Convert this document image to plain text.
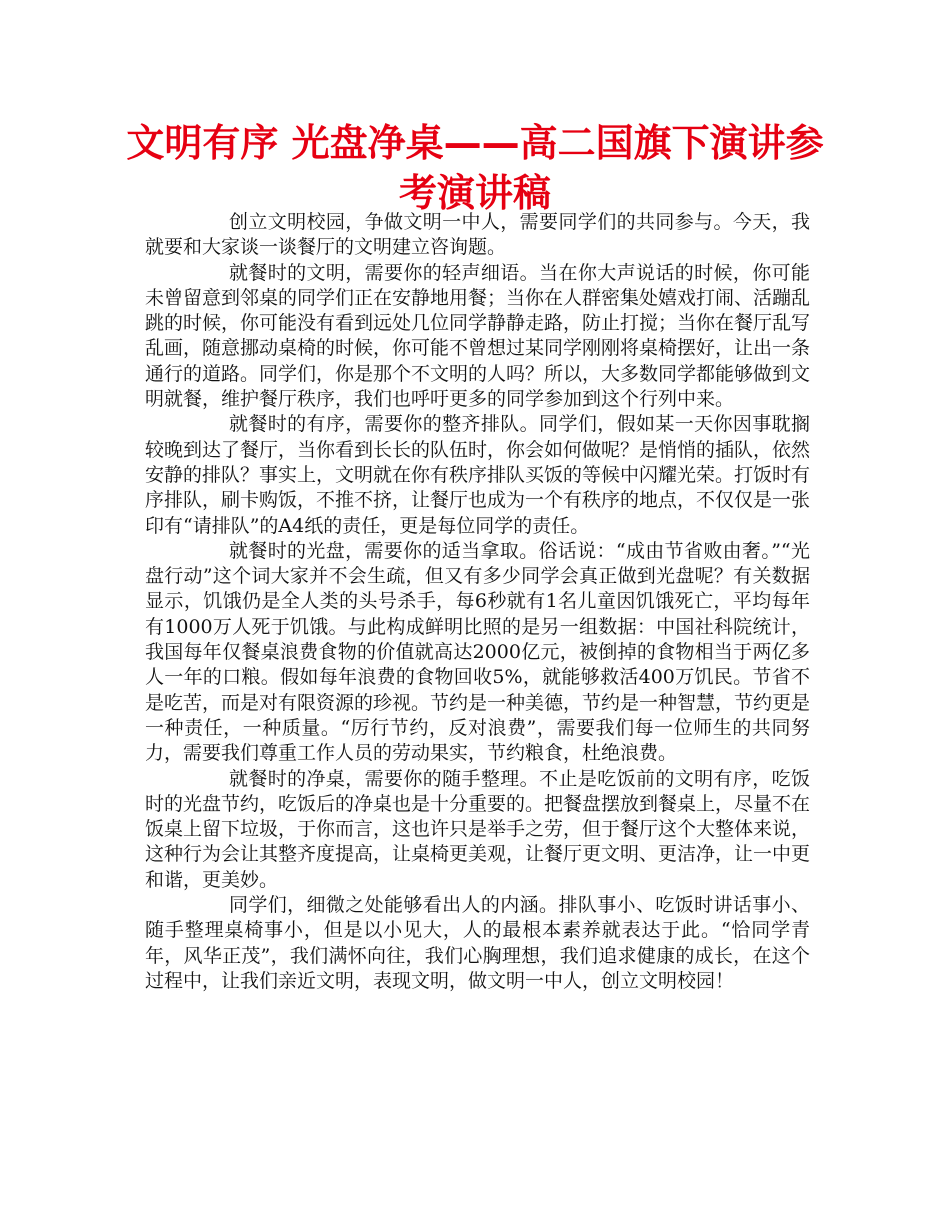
文明有序 光盘净桌——高二国旗下演讲参考演讲稿

创立文明校园，争做文明一中人，需要同学们的共同参与。今天，我就要和大家谈一谈餐厅的文明建立咨询题。

就餐时的文明，需要你的轻声细语。当在你大声说话的时候，你可能未曾留意到邻桌的同学们正在安静地用餐；当你在人群密集处嬉戏打闹、活蹦乱跳的时候，你可能没有看到远处几位同学静静走路，防止打搅；当你在餐厅乱写乱画，随意挪动桌椅的时候，你可能不曾想过某同学刚刚将桌椅摆好，让出一条通行的道路。同学们，你是那个不文明的人吗？所以，大多数同学都能够做到文明就餐，维护餐厅秩序，我们也呼吁更多的同学参加到这个行列中来。

就餐时的有序，需要你的整齐排队。同学们，假如某一天你因事耽搁较晚到达了餐厅，当你看到长长的队伍时，你会如何做呢？是悄悄的插队，依然安静的排队？事实上，文明就在你有秩序排队买饭的等候中闪耀光荣。打饭时有序排队，刷卡购饭，不推不挤，让餐厅也成为一个有秩序的地点，不仅仅是一张印有“请排队”的A4纸的责任，更是每位同学的责任。

就餐时的光盘，需要你的适当拿取。俗话说：“成由节省败由奢。”“光盘行动”这个词大家并不会生疏，但又有多少同学会真正做到光盘呢？有关数据显示，饥饿仍是全人类的头号杀手，每6秒就有1名儿童因饥饿死亡，平均每年有1000万人死于饥饿。与此构成鲜明比照的是另一组数据：中国社科院统计，我国每年仅餐桌浪费食物的价值就高达2000亿元，被倒掉的食物相当于两亿多人一年的口粮。假如每年浪费的食物回收5%，就能够救活400万饥民。节省不是吃苦，而是对有限资源的珍视。节约是一种美德，节约是一种智慧，节约更是一种责任，一种质量。“厉行节约，反对浪费”，需要我们每一位师生的共同努力，需要我们尊重工作人员的劳动果实，节约粮食，杜绝浪费。

就餐时的净桌，需要你的随手整理。不止是吃饭前的文明有序，吃饭时的光盘节约，吃饭后的净桌也是十分重要的。把餐盘摆放到餐桌上，尽量不在饭桌上留下垃圾，于你而言，这也许只是举手之劳，但于餐厅这个大整体来说，这种行为会让其整齐度提高，让桌椅更美观，让餐厅更文明、更洁净，让一中更和谐，更美妙。

同学们，细微之处能够看出人的内涵。排队事小、吃饭时讲话事小、随手整理桌椅事小，但是以小见大，人的最根本素养就表达于此。“恰同学青年，风华正茂”，我们满怀向往，我们心胸理想，我们追求健康的成长，在这个过程中，让我们亲近文明，表现文明，做文明一中人，创立文明校园！
